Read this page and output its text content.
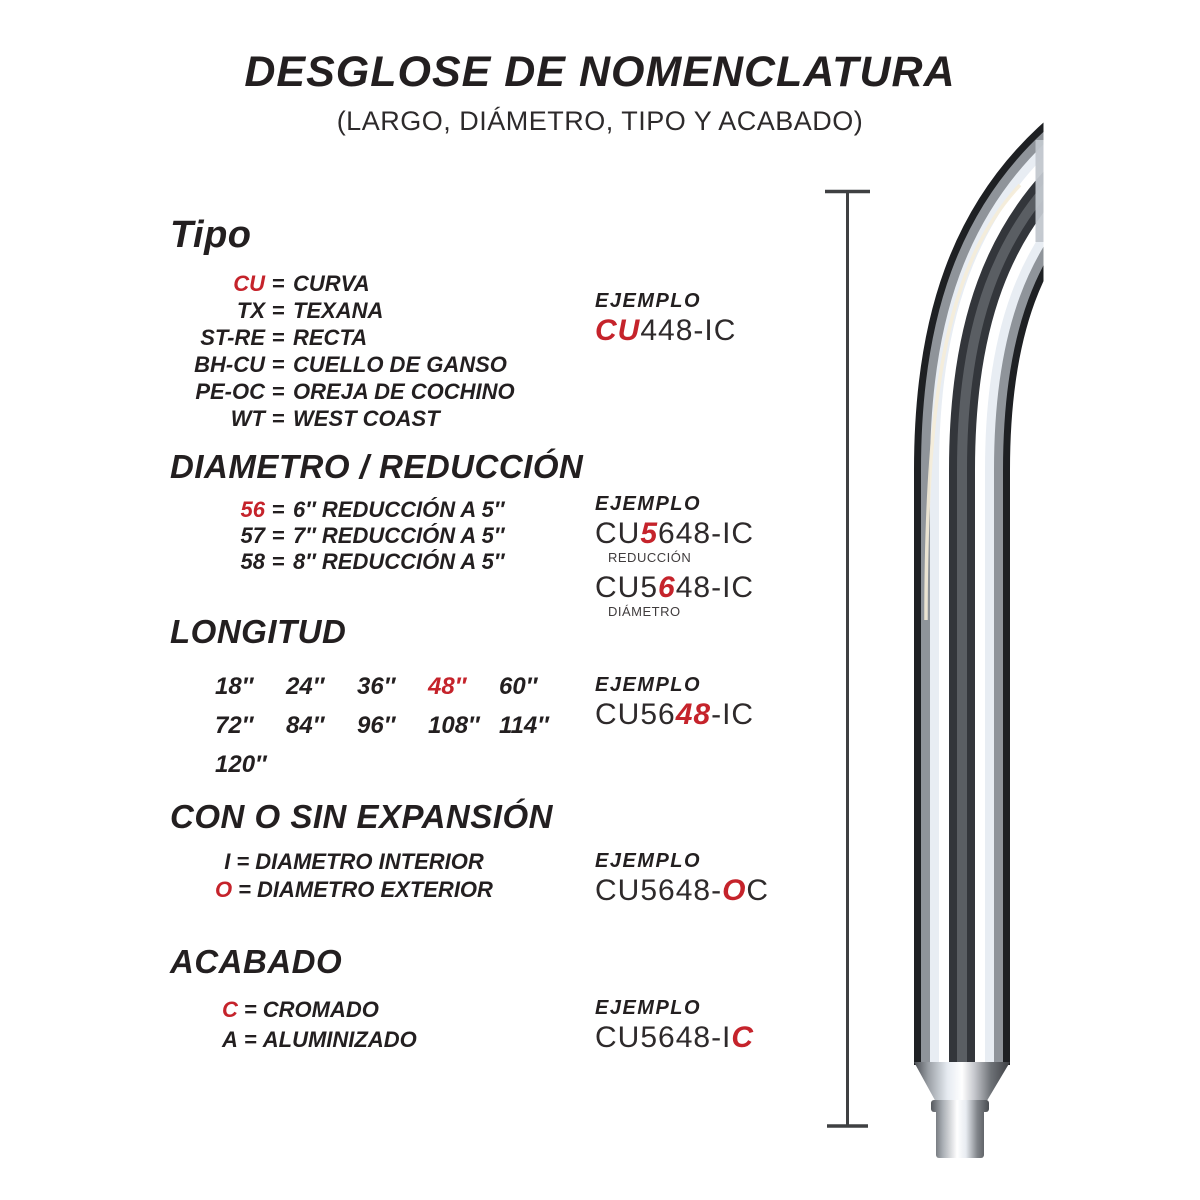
DESGLOSE DE NOMENCLATURA
(LARGO, DIÁMETRO, TIPO Y ACABADO)
Tipo
CU = CURVA
TX = TEXANA
ST-RE = RECTA
BH-CU = CUELLO DE GANSO
PE-OC = OREJA DE COCHINO
WT = WEST COAST
DIAMETRO / REDUCCIÓN
56 = 6″ REDUCCIÓN A 5″
57 = 7″ REDUCCIÓN A 5″
58 = 8″ REDUCCIÓN A 5″
LONGITUD
18″	24″	36″	48″	60″
72″	84″	96″	108″ 114″
120″
CON O SIN EXPANSIÓN
I = DIAMETRO INTERIOR
O = DIAMETRO EXTERIOR
ACABADO
C = CROMADO
A = ALUMINIZADO
EJEMPLO
CU448-IC
EJEMPLO
CU5648-IC
REDUCCIÓN
CU5648-IC
DIÁMETRO
EJEMPLO
CU5648-IC
EJEMPLO
CU5648-OC
EJEMPLO
CU5648-IC
